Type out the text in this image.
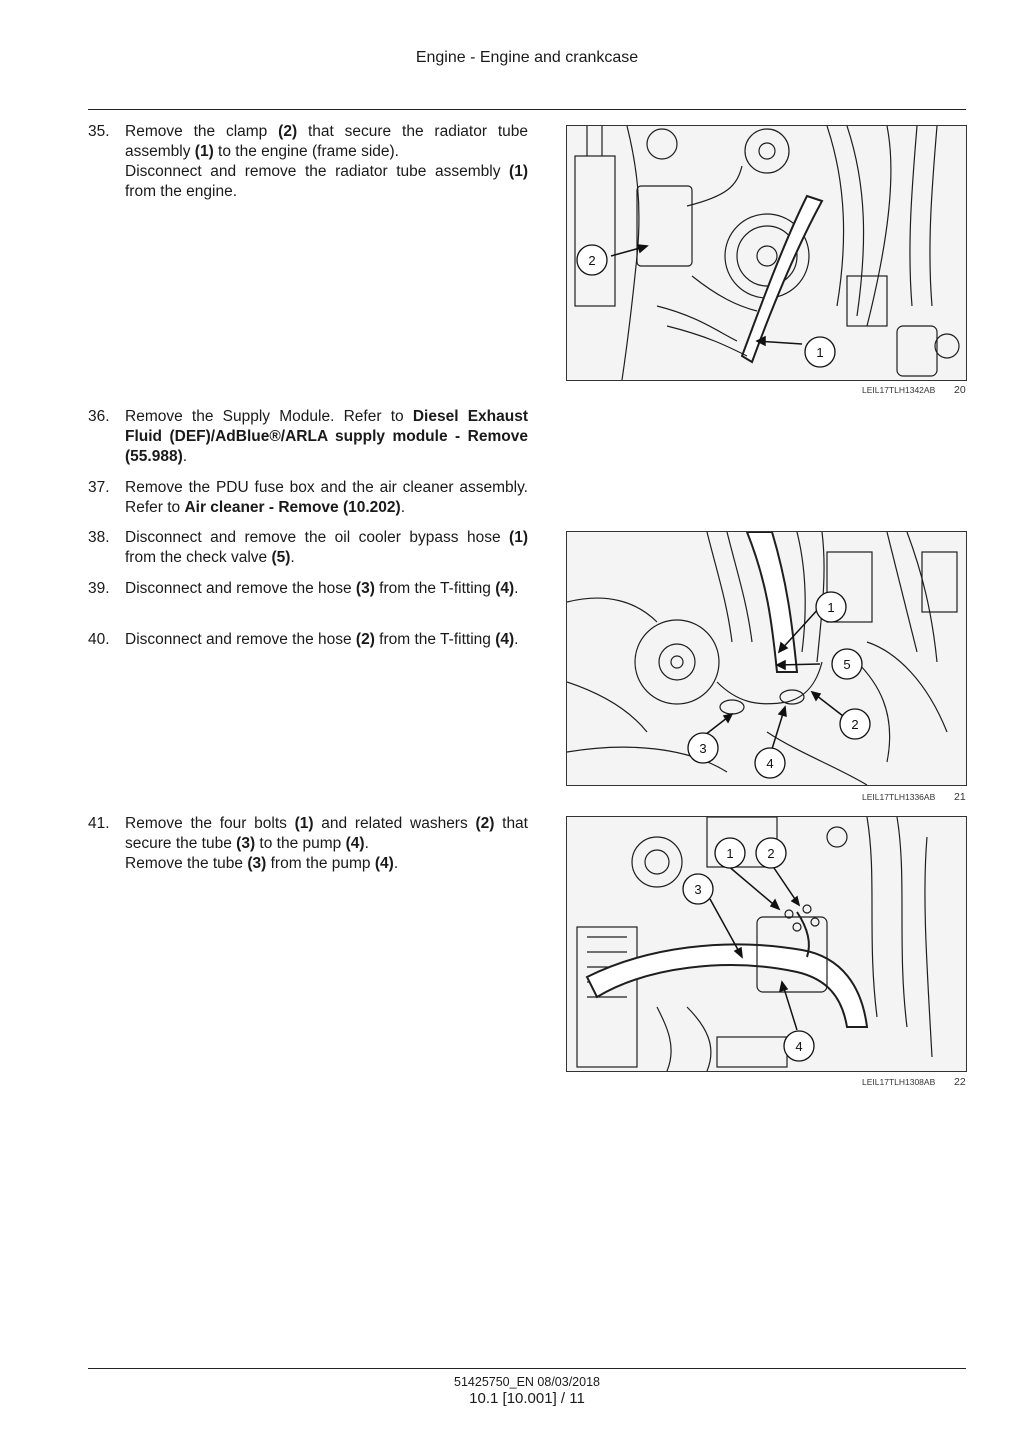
Engine - Engine and crankcase
35. Remove the clamp (2) that secure the radiator tube assembly (1) to the engine (frame side).
Disconnect and remove the radiator tube assembly (1) from the engine.
36. Remove the Supply Module. Refer to Diesel Exhaust Fluid (DEF)/AdBlue®/ARLA supply module - Remove (55.988).
37. Remove the PDU fuse box and the air cleaner assembly. Refer to Air cleaner - Remove (10.202).
38. Disconnect and remove the oil cooler bypass hose (1) from the check valve (5).
39. Disconnect and remove the hose (3) from the T-fitting (4).
40. Disconnect and remove the hose (2) from the T-fitting (4).
41. Remove the four bolts (1) and related washers (2) that secure the tube (3) to the pump (4).
Remove the tube (3) from the pump (4).
2
1
LEIL17TLH1342AB 20
1
5
2
3
4
LEIL17TLH1336AB 21
1	2
3
4
LEIL17TLH1308AB 22
51425750_EN 08/03/2018
10.1 [10.001] / 11
